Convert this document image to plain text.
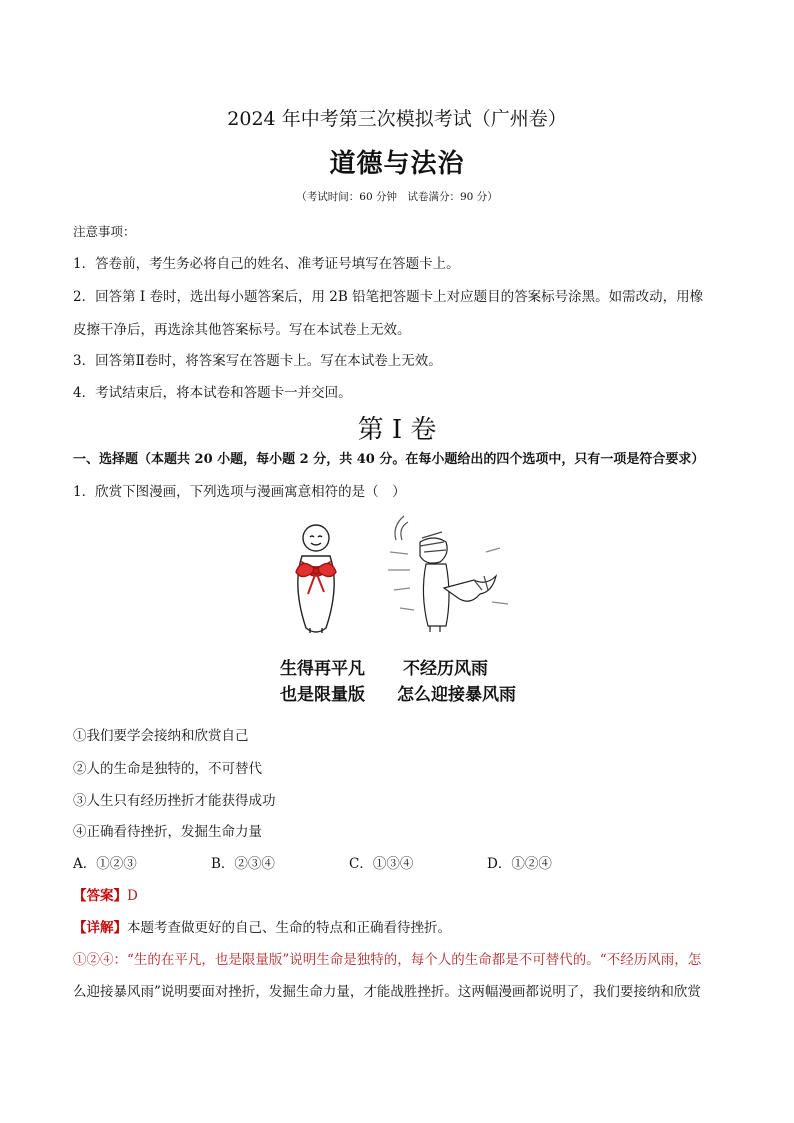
2024 年中考第三次模拟考试（广州卷）
道德与法治
（考试时间：60 分钟　试卷满分：90 分）
注意事项：
1．答卷前，考生务必将自己的姓名、准考证号填写在答题卡上。
2．回答第 I 卷时，选出每小题答案后，用 2B 铅笔把答题卡上对应题目的答案标号涂黑。如需改动，用橡
皮擦干净后，再选涂其他答案标号。写在本试卷上无效。
3．回答第Ⅱ卷时，将答案写在答题卡上。写在本试卷上无效。
4．考试结束后，将本试卷和答题卡一并交回。
第 I 卷
一、选择题（本题共 20 小题，每小题 2 分，共 40 分。在每小题给出的四个选项中，只有一项是符合要求）
1．欣赏下图漫画，下列选项与漫画寓意相符的是（　）
生得再平凡
也是限量版
不经历风雨
怎么迎接暴风雨
①我们要学会接纳和欣赏自己
②人的生命是独特的，不可替代
③人生只有经历挫折才能获得成功
④正确看待挫折，发掘生命力量
A．①②③	B．②③④	C．①③④	D．①②④
【答案】D
【详解】本题考查做更好的自己、生命的特点和正确看待挫折。
①②④：“生的在平凡，也是限量版”说明生命是独特的，每个人的生命都是不可替代的。“不经历风雨，怎
么迎接暴风雨”说明要面对挫折，发掘生命力量，才能战胜挫折。这两幅漫画都说明了，我们要接纳和欣赏
